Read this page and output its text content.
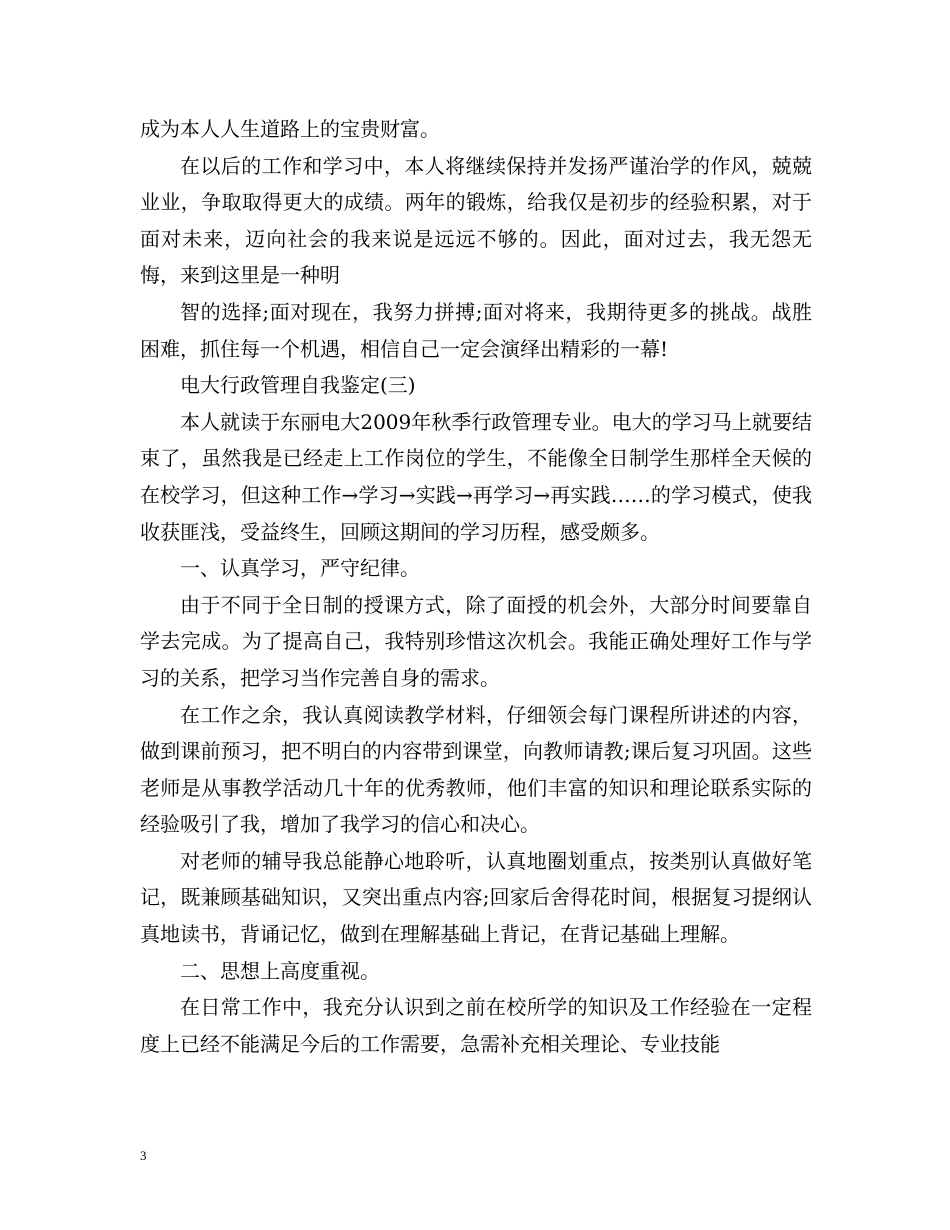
成为本人人生道路上的宝贵财富。

在以后的工作和学习中，本人将继续保持并发扬严谨治学的作风，兢兢业业，争取取得更大的成绩。两年的锻炼，给我仅是初步的经验积累，对于面对未来，迈向社会的我来说是远远不够的。因此，面对过去，我无怨无悔，来到这里是一种明

智的选择;面对现在，我努力拼搏;面对将来，我期待更多的挑战。战胜困难，抓住每一个机遇，相信自己一定会演绎出精彩的一幕!

电大行政管理自我鉴定(三)

本人就读于东丽电大2009年秋季行政管理专业。电大的学习马上就要结束了，虽然我是已经走上工作岗位的学生，不能像全日制学生那样全天候的在校学习，但这种工作→学习→实践→再学习→再实践……的学习模式，使我收获匪浅，受益终生，回顾这期间的学习历程，感受颇多。

一、认真学习，严守纪律。

由于不同于全日制的授课方式，除了面授的机会外，大部分时间要靠自学去完成。为了提高自己，我特别珍惜这次机会。我能正确处理好工作与学习的关系，把学习当作完善自身的需求。

在工作之余，我认真阅读教学材料，仔细领会每门课程所讲述的内容，做到课前预习，把不明白的内容带到课堂，向教师请教;课后复习巩固。这些老师是从事教学活动几十年的优秀教师，他们丰富的知识和理论联系实际的经验吸引了我，增加了我学习的信心和决心。

对老师的辅导我总能静心地聆听，认真地圈划重点，按类别认真做好笔记，既兼顾基础知识，又突出重点内容;回家后舍得花时间，根据复习提纲认真地读书，背诵记忆，做到在理解基础上背记，在背记基础上理解。

二、思想上高度重视。

在日常工作中，我充分认识到之前在校所学的知识及工作经验在一定程度上已经不能满足今后的工作需要，急需补充相关理论、专业技能

3
